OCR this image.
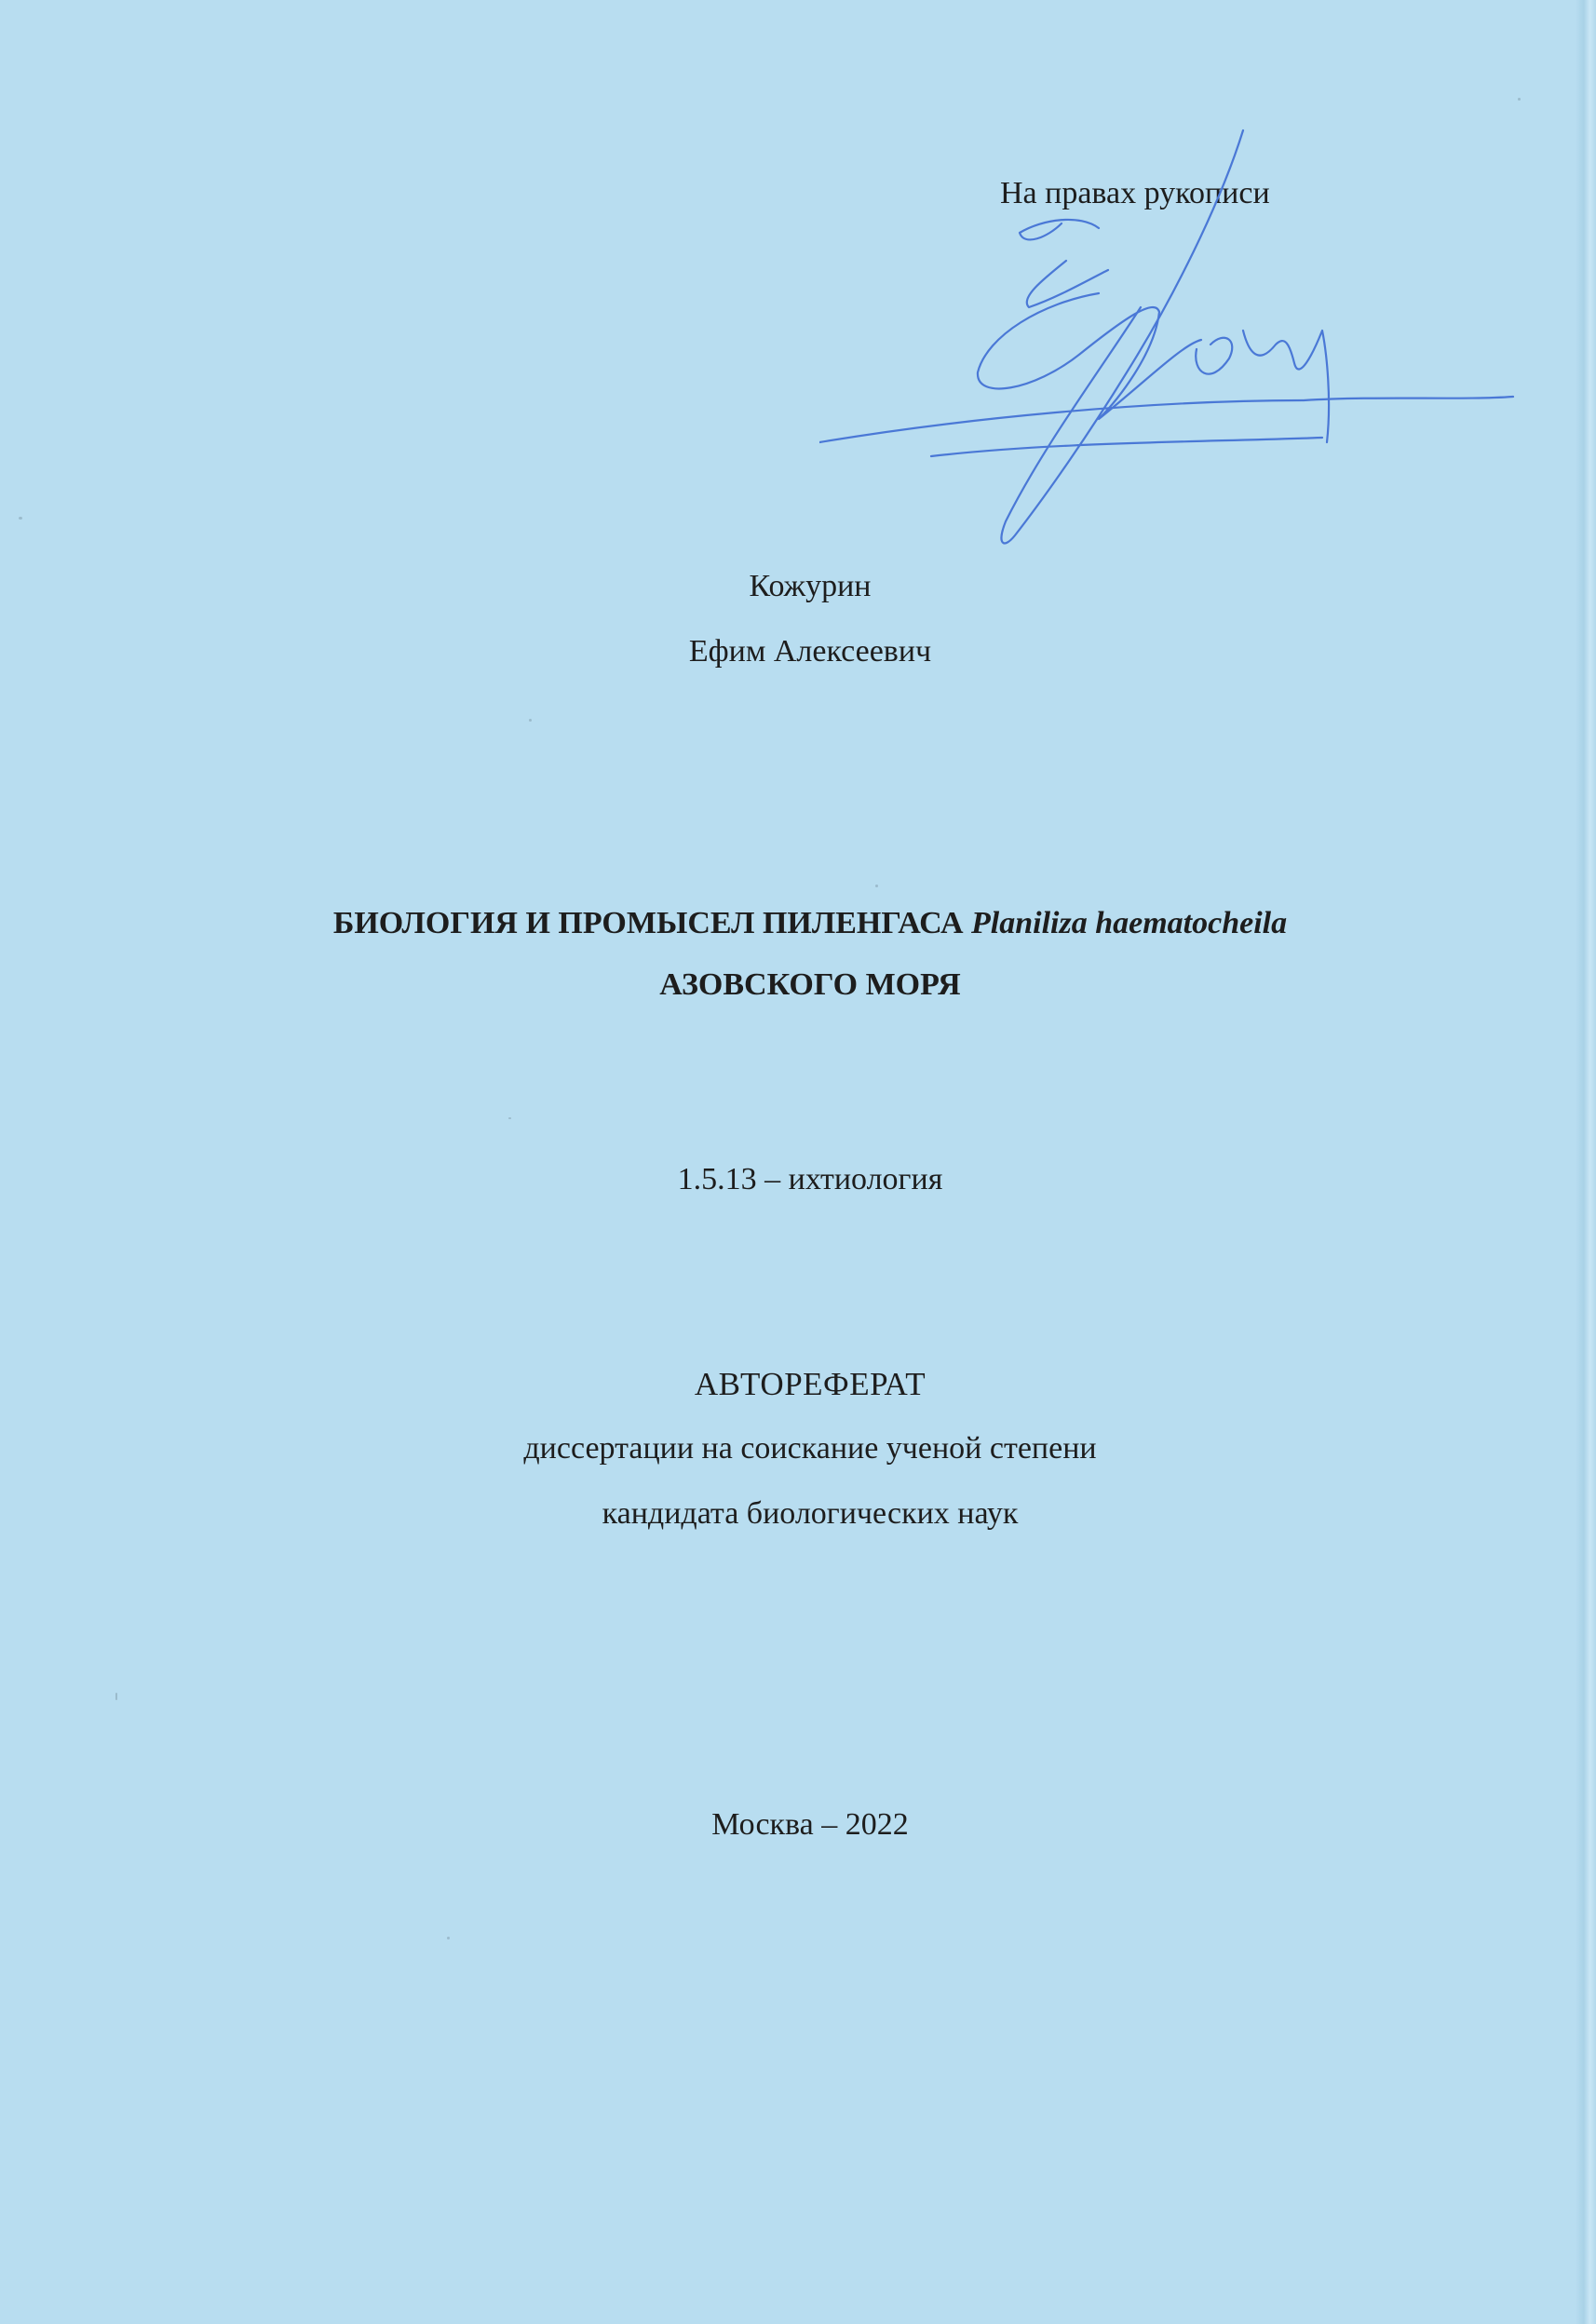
На правах рукописи
Кожурин
Ефим Алексеевич
БИОЛОГИЯ И ПРОМЫСЕЛ ПИЛЕНГАСА Planiliza haematocheila
АЗОВСКОГО МОРЯ
1.5.13 – ихтиология
АВТОРЕФЕРАТ
диссертации на соискание ученой степени
кандидата биологических наук
Москва – 2022
